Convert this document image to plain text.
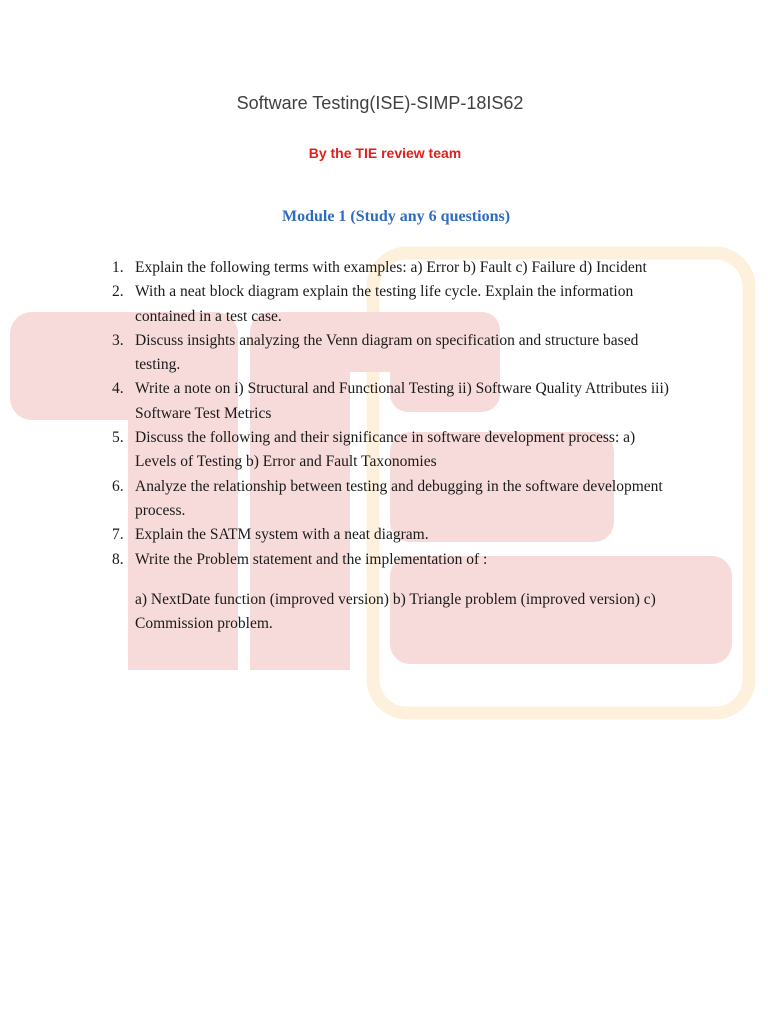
Software Testing(ISE)-SIMP-18IS62
By the TIE review team
Module 1 (Study any 6 questions)
1. Explain the following terms with examples: a) Error b) Fault c) Failure d) Incident
2. With a neat block diagram explain the testing life cycle. Explain the information contained in a test case.
3. Discuss insights analyzing the Venn diagram on specification and structure based testing.
4. Write a note on i) Structural and Functional Testing ii) Software Quality Attributes iii) Software Test Metrics
5. Discuss the following and their significance in software development process: a) Levels of Testing b) Error and Fault Taxonomies
6. Analyze the relationship between testing and debugging in the software development process.
7. Explain the SATM system with a neat diagram.
8. Write the Problem statement and the implementation of :
a) NextDate function (improved version) b) Triangle problem (improved version) c) Commission problem.
